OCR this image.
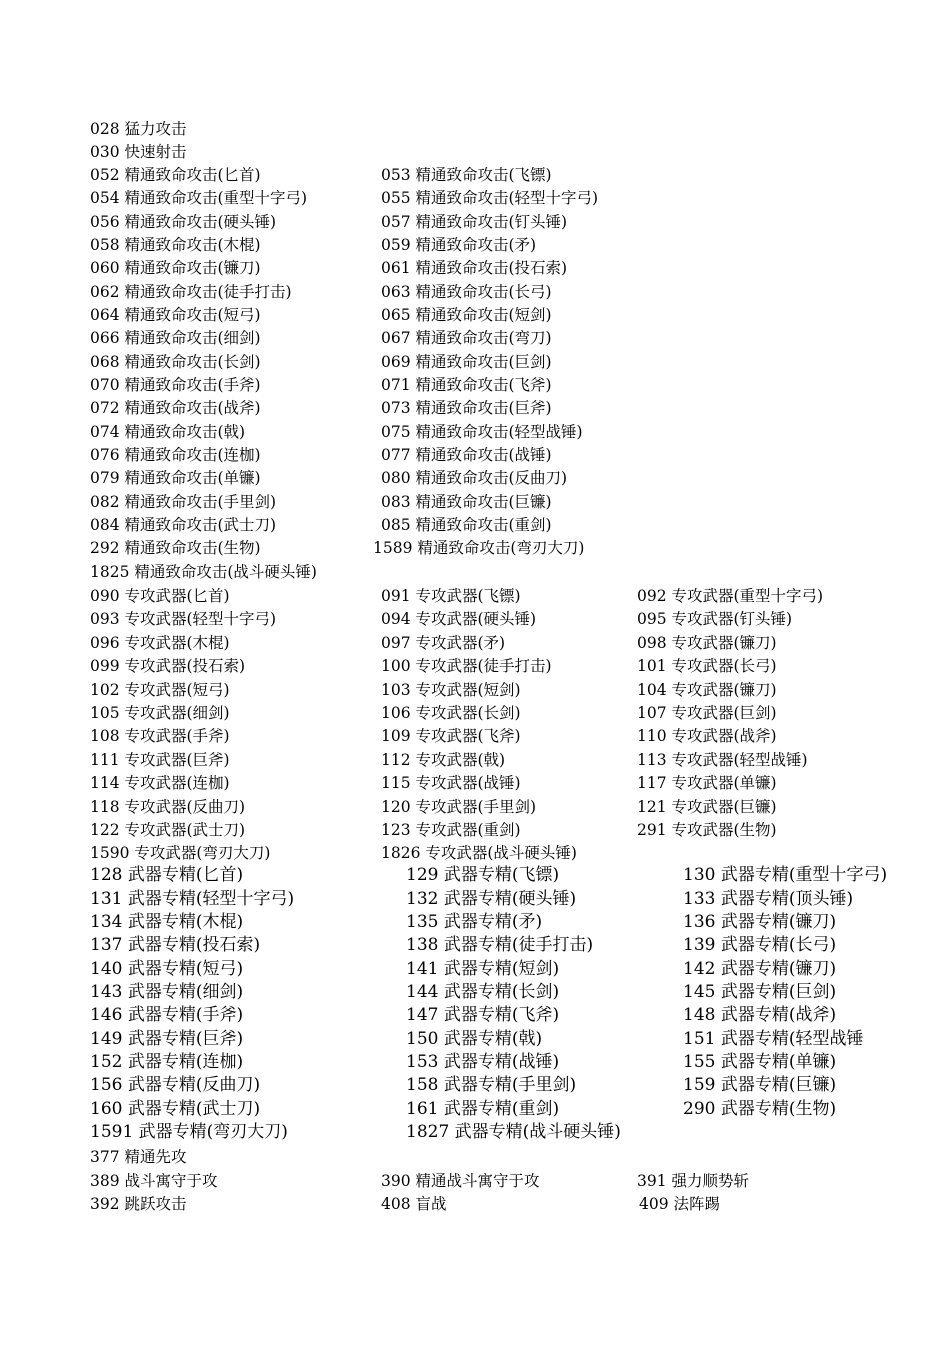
028 猛力攻击
030 快速射击
052 精通致命攻击(匕首)	053 精通致命攻击(飞镖)
054 精通致命攻击(重型十字弓)	055 精通致命攻击(轻型十字弓)
056 精通致命攻击(硬头锤)	057 精通致命攻击(钉头锤)
058 精通致命攻击(木棍)	059 精通致命攻击(矛)
060 精通致命攻击(镰刀)	061 精通致命攻击(投石索)
062 精通致命攻击(徒手打击)	063 精通致命攻击(长弓)
064 精通致命攻击(短弓)	065 精通致命攻击(短剑)
066 精通致命攻击(细剑)	067 精通致命攻击(弯刀)
068 精通致命攻击(长剑)	069 精通致命攻击(巨剑)
070 精通致命攻击(手斧)	071 精通致命攻击(飞斧)
072 精通致命攻击(战斧)	073 精通致命攻击(巨斧)
074 精通致命攻击(戟)	075 精通致命攻击(轻型战锤)
076 精通致命攻击(连枷)	077 精通致命攻击(战锤)
079 精通致命攻击(单镰)	080 精通致命攻击(反曲刀)
082 精通致命攻击(手里剑)	083 精通致命攻击(巨镰)
084 精通致命攻击(武士刀)	085 精通致命攻击(重剑)
292 精通致命攻击(生物)	1589 精通致命攻击(弯刃大刀)
1825 精通致命攻击(战斗硬头锤)
090 专攻武器(匕首)	091 专攻武器(飞镖)	092 专攻武器(重型十字弓)
093 专攻武器(轻型十字弓)	094 专攻武器(硬头锤)	095 专攻武器(钉头锤)
096 专攻武器(木棍)	097 专攻武器(矛)	098 专攻武器(镰刀)
099 专攻武器(投石索)	100 专攻武器(徒手打击)	101 专攻武器(长弓)
102 专攻武器(短弓)	103 专攻武器(短剑)	104 专攻武器(镰刀)
105 专攻武器(细剑)	106 专攻武器(长剑)	107 专攻武器(巨剑)
108 专攻武器(手斧)	109 专攻武器(飞斧)	110 专攻武器(战斧)
111 专攻武器(巨斧)	112 专攻武器(戟)	113 专攻武器(轻型战锤)
114 专攻武器(连枷)	115 专攻武器(战锤)	117 专攻武器(单镰)
118 专攻武器(反曲刀)	120 专攻武器(手里剑)	121 专攻武器(巨镰)
122 专攻武器(武士刀)	123 专攻武器(重剑)	291 专攻武器(生物)
1590 专攻武器(弯刃大刀)	1826 专攻武器(战斗硬头锤)
128 武器专精(匕首)	129 武器专精(飞镖)	130 武器专精(重型十字弓)
131 武器专精(轻型十字弓)	132 武器专精(硬头锤)	133 武器专精(顶头锤)
134 武器专精(木棍)	135 武器专精(矛)	136 武器专精(镰刀)
137 武器专精(投石索)	138 武器专精(徒手打击)	139 武器专精(长弓)
140 武器专精(短弓)	141 武器专精(短剑)	142 武器专精(镰刀)
143 武器专精(细剑)	144 武器专精(长剑)	145 武器专精(巨剑)
146 武器专精(手斧)	147 武器专精(飞斧)	148 武器专精(战斧)
149 武器专精(巨斧)	150 武器专精(戟)	151 武器专精(轻型战锤
152 武器专精(连枷)	153 武器专精(战锤)	155 武器专精(单镰)
156 武器专精(反曲刀)	158 武器专精(手里剑)	159 武器专精(巨镰)
160 武器专精(武士刀)	161 武器专精(重剑)	290 武器专精(生物)
1591 武器专精(弯刃大刀)	1827 武器专精(战斗硬头锤)
377 精通先攻
389 战斗寓守于攻	390 精通战斗寓守于攻	391 强力顺势斩
392 跳跃攻击	408 盲战	409 法阵踢
